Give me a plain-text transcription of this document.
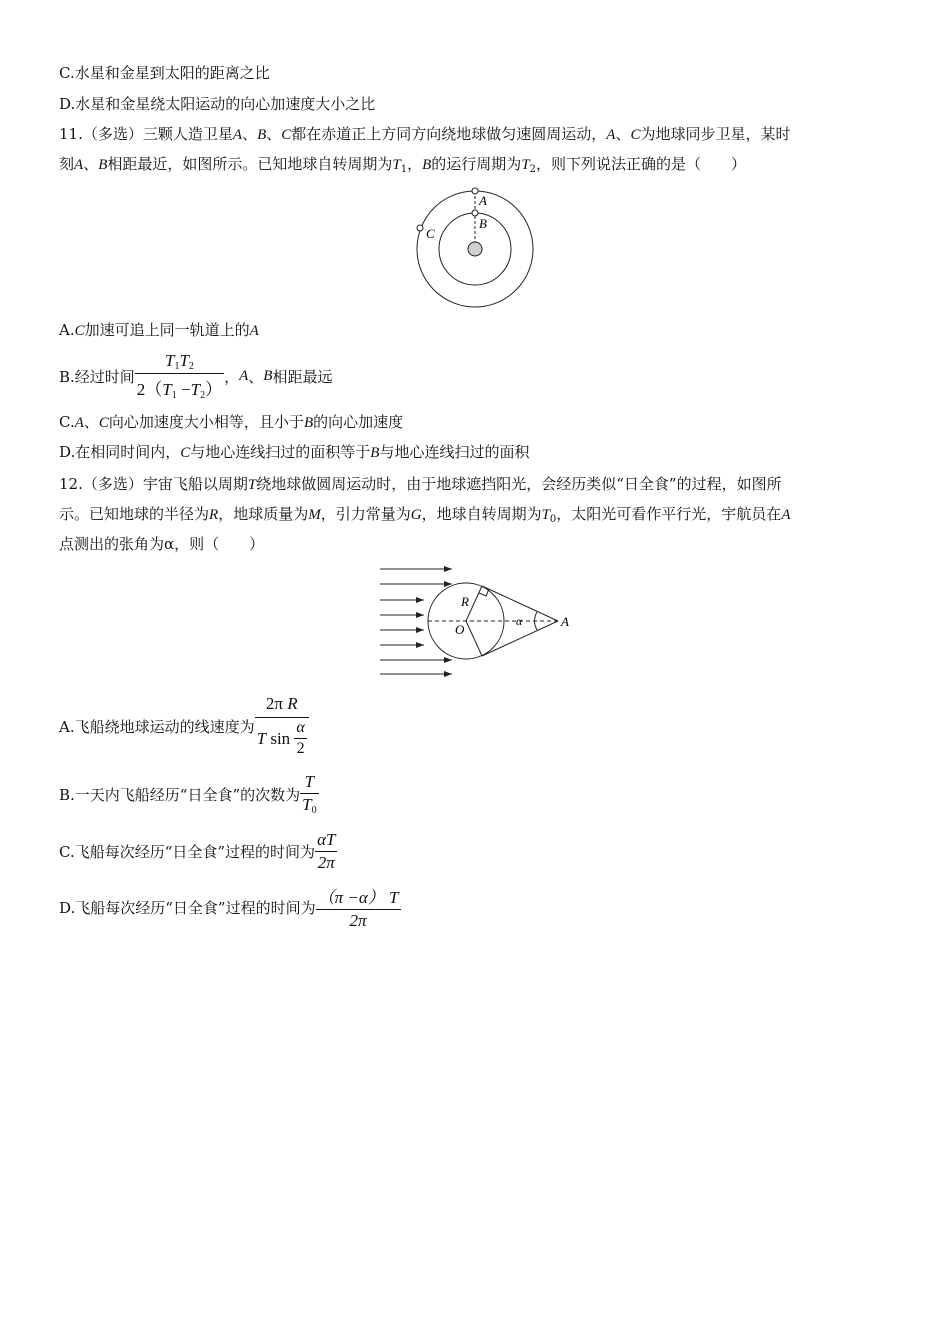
C.水星和金星到太阳的距离之比
D.水星和金星绕太阳运动的向心加速度大小之比
11.（多选）三颗人造卫星A、B、C都在赤道正上方同方向绕地球做匀速圆周运动，A、C为地球同步卫星，某时
刻A、B相距最近，如图所示。已知地球自转周期为$T_1$，B的运行周期为$T_2$，则下列说法正确的是（　　）
A
B
C
A.C加速可追上同一轨道上的A
B.经过时间 $\frac{T_1T_2}{2(T_1 -T_2)}$ ， A 、 B 相距最远
C.A、C向心加速度大小相等，且小于B的向心加速度
D.在相同时间内，C与地心连线扫过的面积等于B与地心连线扫过的面积
12.（多选）宇宙飞船以周期T绕地球做圆周运动时，由于地球遮挡阳光，会经历类似“日全食”的过程，如图所
示。已知地球的半径为R，地球质量为M，引力常量为G，地球自转周期为$T_0$，太阳光可看作平行光，宇航员在A
点测出的张角为α，则（　　）
R
O
α	A
A.飞船绕地球运动的线速度为 $\frac{\text{2π R}}{T \sin \frac{\alpha}{2}}$
B.一天内飞船经历“日全食”的次数为 $\frac{T}{T_0}$
C.飞船每次经历“日全食”过程的时间为 $\frac{\alpha T}{2\pi}$
D.飞船每次经历“日全食”过程的时间为 $\frac{(\pi -\alpha) T}{2\pi}$
